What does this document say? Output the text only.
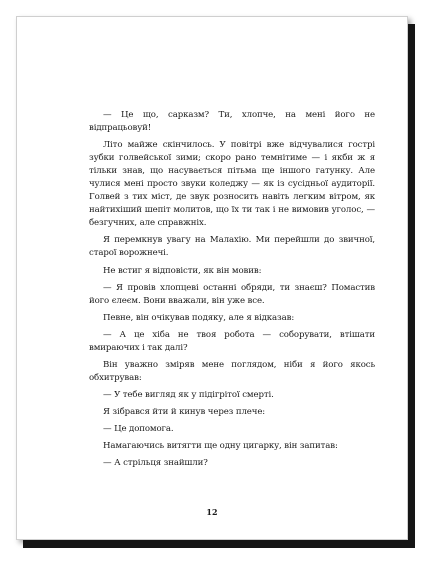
— Це що, сарказм? Ти, хлопче, на мені його не відпрацьовуй!

Літо майже скінчилось. У повітрі вже відчувалися гострі зубки голвейської зими; скоро рано темнітиме — і якби ж я тільки знав, що насувається пітьма ще іншого гатунку. Але чулися мені просто звуки коледжу — як із сусідньої аудиторії. Голвей з тих міст, де звук розносить навіть легким вітром, як найтихіший шепіт молитов, що їх ти так і не вимовив уголос, — безгучних, але справжніх.

Я перемкнув увагу на Малахію. Ми перейшли до звичної, старої ворожнечі.

Не встиг я відповісти, як він мовив:

— Я провів хлопцеві останні обряди, ти знаєш? Помастив його єлеєм. Вони вважали, він уже все.

Певне, він очікував подяку, але я відказав:

— А це хіба не твоя робота — соборувати, втішати вмираючих і так далі?

Він уважно зміряв мене поглядом, ніби я його якось обхитрував:

— У тебе вигляд як у підігрітої смерті.

Я зібрався йти й кинув через плече:

— Це допомога.

Намагаючись витягти ще одну цигарку, він запитав:

— А стрільця знайшли?

12
